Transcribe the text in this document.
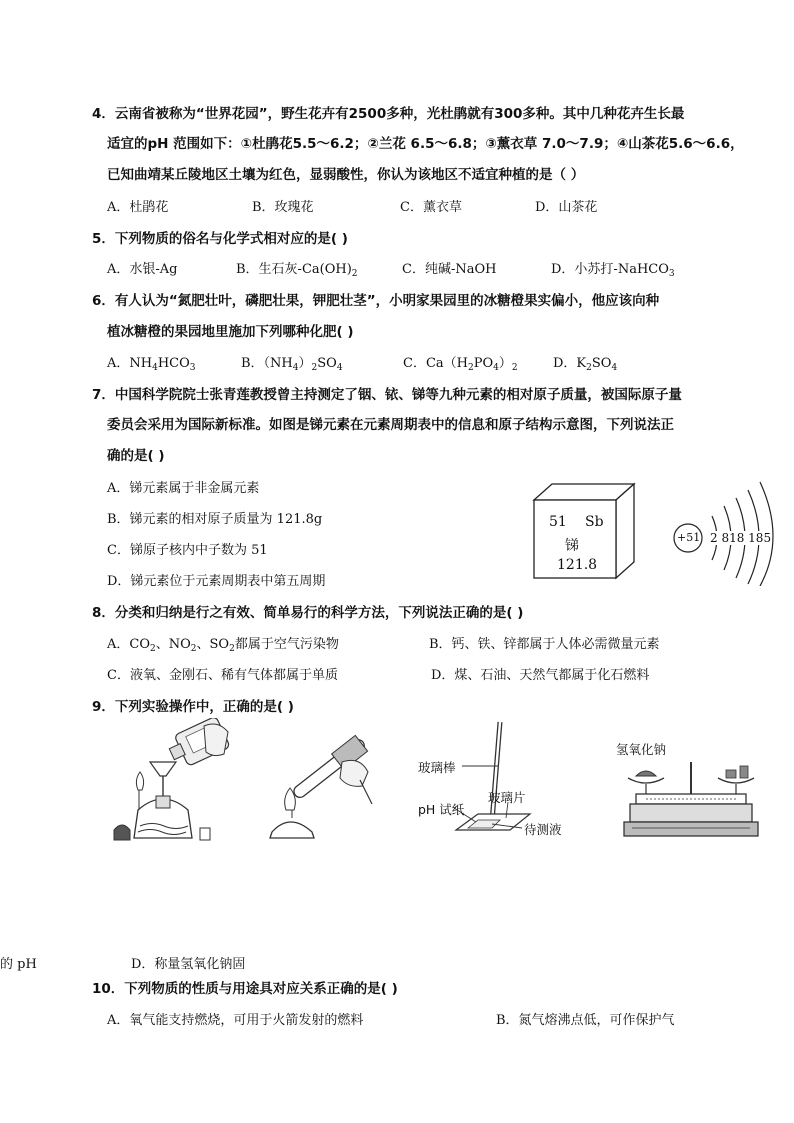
4．云南省被称为“世界花园”，野生花卉有2500多种，光杜鹃就有300多种。其中几种花卉生长最
适宜的pH 范围如下：①杜鹃花5.5～6.2；②兰花 6.5～6.8；③薰衣草 7.0～7.9；④山茶花5.6～6.6，
已知曲靖某丘陵地区土壤为红色，显弱酸性，你认为该地区不适宜种植的是（ ）
A．杜鹃花	B．玫瑰花	C．薰衣草	D．山茶花
5．下列物质的俗名与化学式相对应的是( )
A．水银-Ag	B．生石灰$-Ca(OH)_2$	C．纯碱-NaOH	D．小苏打-NaHCO$_3$
6．有人认为“氮肥壮叶，磷肥壮果，钾肥壮茎”，小明家果园里的冰糖橙果实偏小，他应该向种
植冰糖橙的果园地里施加下列哪种化肥( )
A．$NH_4HCO_3$	B．$(NH_4)_2SO_4$	C．$Ca(H_2PO_4)_2$	D．$K_2SO_4$
7．中国科学院院士张青莲教授曾主持测定了铟、铱、锑等九种元素的相对原子质量，被国际原子量
委员会采用为国际新标准。如图是锑元素在元素周期表中的信息和原子结构示意图，下列说法正
确的是( )
A．锑元素属于非金属元素
B．锑元素的相对原子质量为 121.8g
C．锑原子核内中子数为 51
D．锑元素位于元素周期表中第五周期
51 Sb
锑
121.8
+51 2 818 185
8．分类和归纳是行之有效、简单易行的科学方法，下列说法正确的是( )
A．$CO_2$、$NO_2$、$SO_2$都属于空气污染物	B．钙、铁、锌都属于人体必需微量元素
C．液氧、金刚石、稀有气体都属于单质	D．煤、石油、天然气都属于化石燃料
9．下列实验操作中，正确的是( )
玻璃棒
pH 试纸
玻璃片
待测液
氢氧化钠
的 pH	D．称量氢氧化钠固
10．下列物质的性质与用途具对应关系正确的是( )
A．氧气能支持燃烧，可用于火箭发射的燃料	B．氮气熔沸点低，可作保护气
